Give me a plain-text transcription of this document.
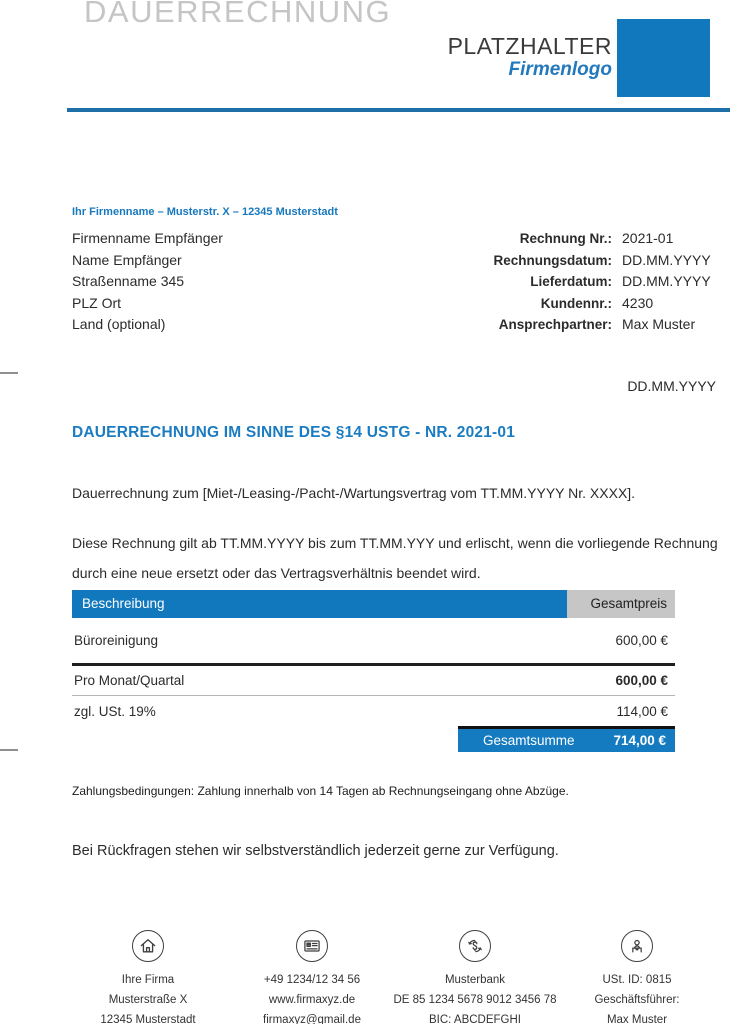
DAUERRECHNUNG
PLATZHALTER
Firmenlogo
Ihr Firmenname – Musterstr. X – 12345 Musterstadt
Firmenname Empfänger
Name Empfänger
Straßenname 345
PLZ Ort
Land (optional)
Rechnung Nr.: 2021-01
Rechnungsdatum: DD.MM.YYYY
Lieferdatum: DD.MM.YYYY
Kundennr.: 4230
Ansprechpartner: Max Muster
DD.MM.YYYY
DAUERRECHNUNG IM SINNE DES §14 USTG - NR. 2021-01

Dauerrechnung zum [Miet-/Leasing-/Pacht-/Wartungsvertrag vom TT.MM.YYYY Nr. XXXX].

Diese Rechnung gilt ab TT.MM.YYYY bis zum TT.MM.YYY und erlischt, wenn die vorliegende Rechnung durch eine neue ersetzt oder das Vertragsverhältnis beendet wird.

Beschreibung	Gesamtpreis
Büroreinigung	600,00 €
Pro Monat/Quartal	600,00 €
zgl. USt. 19%	114,00 €
Gesamtsumme	714,00 €
Zahlungsbedingungen: Zahlung innerhalb von 14 Tagen ab Rechnungseingang ohne Abzüge.
Bei Rückfragen stehen wir selbstverständlich jederzeit gerne zur Verfügung.
Ihre Firma
Musterstraße X
12345 Musterstadt
+49 1234/12 34 56
www.firmaxyz.de
firmaxyz@gmail.de
Musterbank
DE 85 1234 5678 9012 3456 78
BIC: ABCDEFGHI
USt. ID: 0815
Geschäftsführer:
Max Muster
